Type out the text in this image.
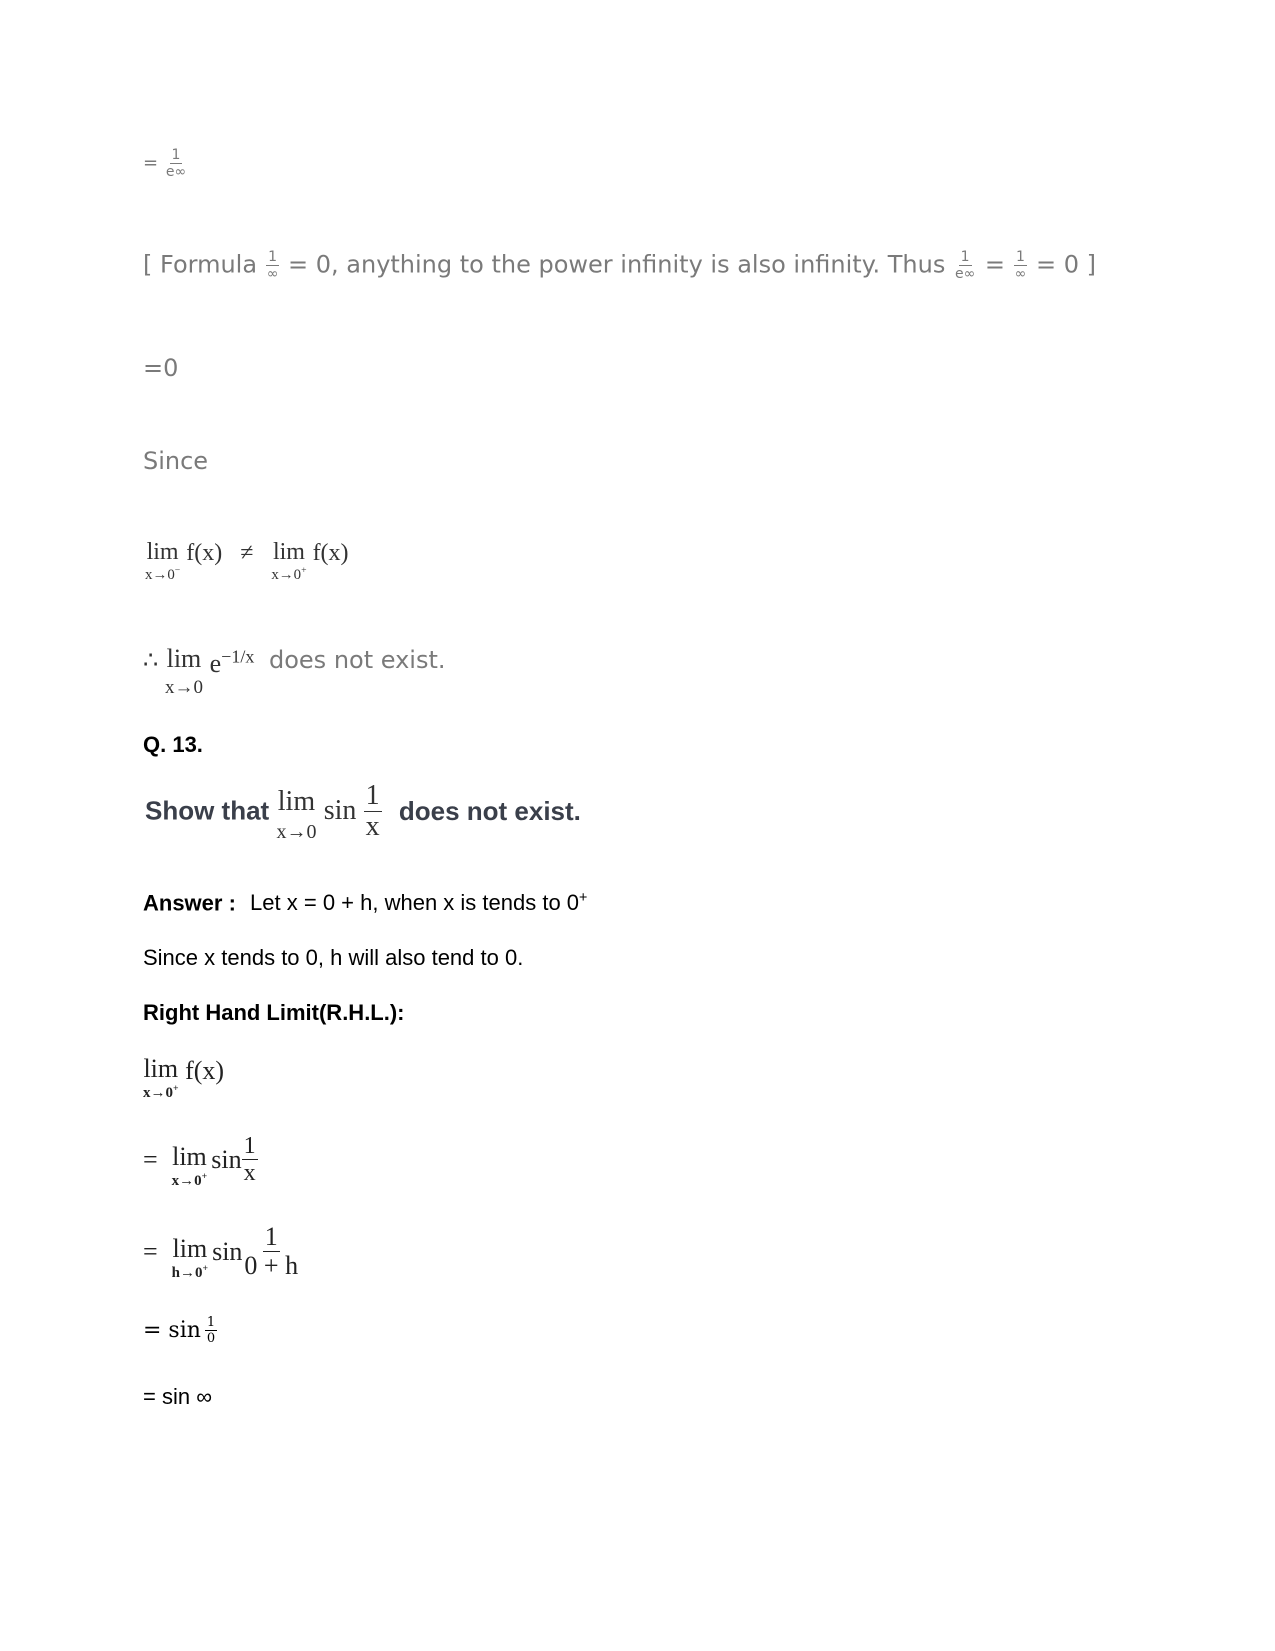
= $\frac{1}{e\infty}$
[ Formula $\frac{1}{\infty} = 0$, anything to the power infinity is also infinity. Thus $\frac{1}{e\infty} = \frac{1}{\infty} = 0$ ]
=0
Since
lim
x→0−
f(x) ≠ lim
x→0+
f(x)
∴ lim
x→0
$e^{-1/x}$ does not exist.
Q. 13.
Show that lim
x→0
$\sin \frac{1}{x}$ does not exist.
Answer : Let x = 0 + h, when x is tends to 0+
Since x tends to 0, h will also tend to 0.
Right Hand Limit(R.H.L.):
lim
x→0+
f(x)
= lim
x→0+
$\sin \frac{1}{x}$
= lim
h→0+
$\sin \frac{1}{0 + h}$
= $\sin \frac{1}{0}$
= sin ∞
